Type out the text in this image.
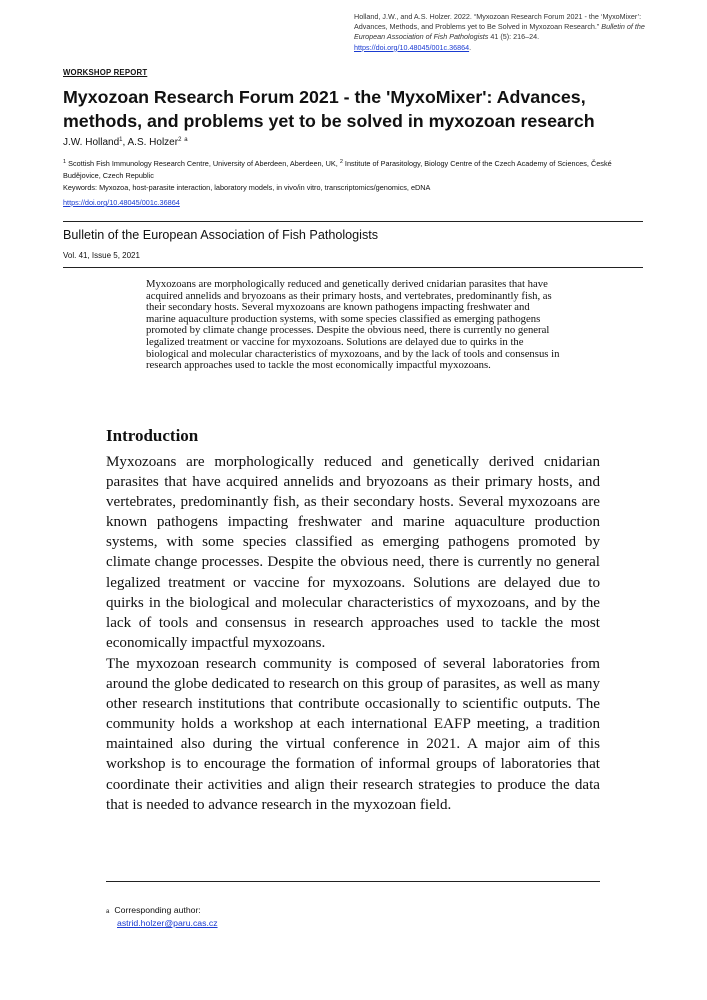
Holland, J.W., and A.S. Holzer. 2022. “Myxozoan Research Forum 2021 - the ‘MyxoMixer’: Advances, Methods, and Problems yet to Be Solved in Myxozoan Research.” Bulletin of the European Association of Fish Pathologists 41 (5): 216–24. https://doi.org/10.48045/001c.36864.
WORKSHOP REPORT
Myxozoan Research Forum 2021 - the 'MyxoMixer': Advances, methods, and problems yet to be solved in myxozoan research
J.W. Holland$^1$, A.S. Holzer$^2$ $^a$
$^1$ Scottish Fish Immunology Research Centre, University of Aberdeen, Aberdeen, UK, $^2$ Institute of Parasitology, Biology Centre of the Czech Academy of Sciences, České Budějovice, Czech Republic
Keywords: Myxozoa, host-parasite interaction, laboratory models, in vivo/in vitro, transcriptomics/genomics, eDNA
https://doi.org/10.48045/001c.36864
Bulletin of the European Association of Fish Pathologists
Vol. 41, Issue 5, 2021
Myxozoans are morphologically reduced and genetically derived cnidarian parasites that have acquired annelids and bryozoans as their primary hosts, and vertebrates, predominantly fish, as their secondary hosts. Several myxozoans are known pathogens impacting freshwater and marine aquaculture production systems, with some species classified as emerging pathogens promoted by climate change processes. Despite the obvious need, there is currently no general legalized treatment or vaccine for myxozoans. Solutions are delayed due to quirks in the biological and molecular characteristics of myxozoans, and by the lack of tools and consensus in research approaches used to tackle the most economically impactful myxozoans.
Introduction

Myxozoans are morphologically reduced and genetically derived cnidarian parasites that have acquired annelids and bryozoans as their primary hosts, and vertebrates, predominantly fish, as their secondary hosts. Several myxozoans are known pathogens impacting freshwater and marine aquaculture production systems, with some species classified as emerging pathogens promoted by climate change processes. Despite the obvious need, there is currently no general legalized treatment or vaccine for myxozoans. Solutions are delayed due to quirks in the biological and molecular characteristics of myxozoans, and by the lack of tools and consensus in research approaches used to tackle the most economically impactful myxozoans.

The myxozoan research community is composed of several laboratories from around the globe dedicated to research on this group of parasites, as well as many other research institutions that contribute occasionally to scientific outputs. The community holds a workshop at each international EAFP meeting, a tradition maintained also during the virtual conference in 2021. A major aim of this workshop is to encourage the formation of informal groups of laboratories that coordinate their activities and align their research strategies to produce the data that is needed to advance research in the myxozoan field.

a Corresponding author:
astrid.holzer@paru.cas.cz
